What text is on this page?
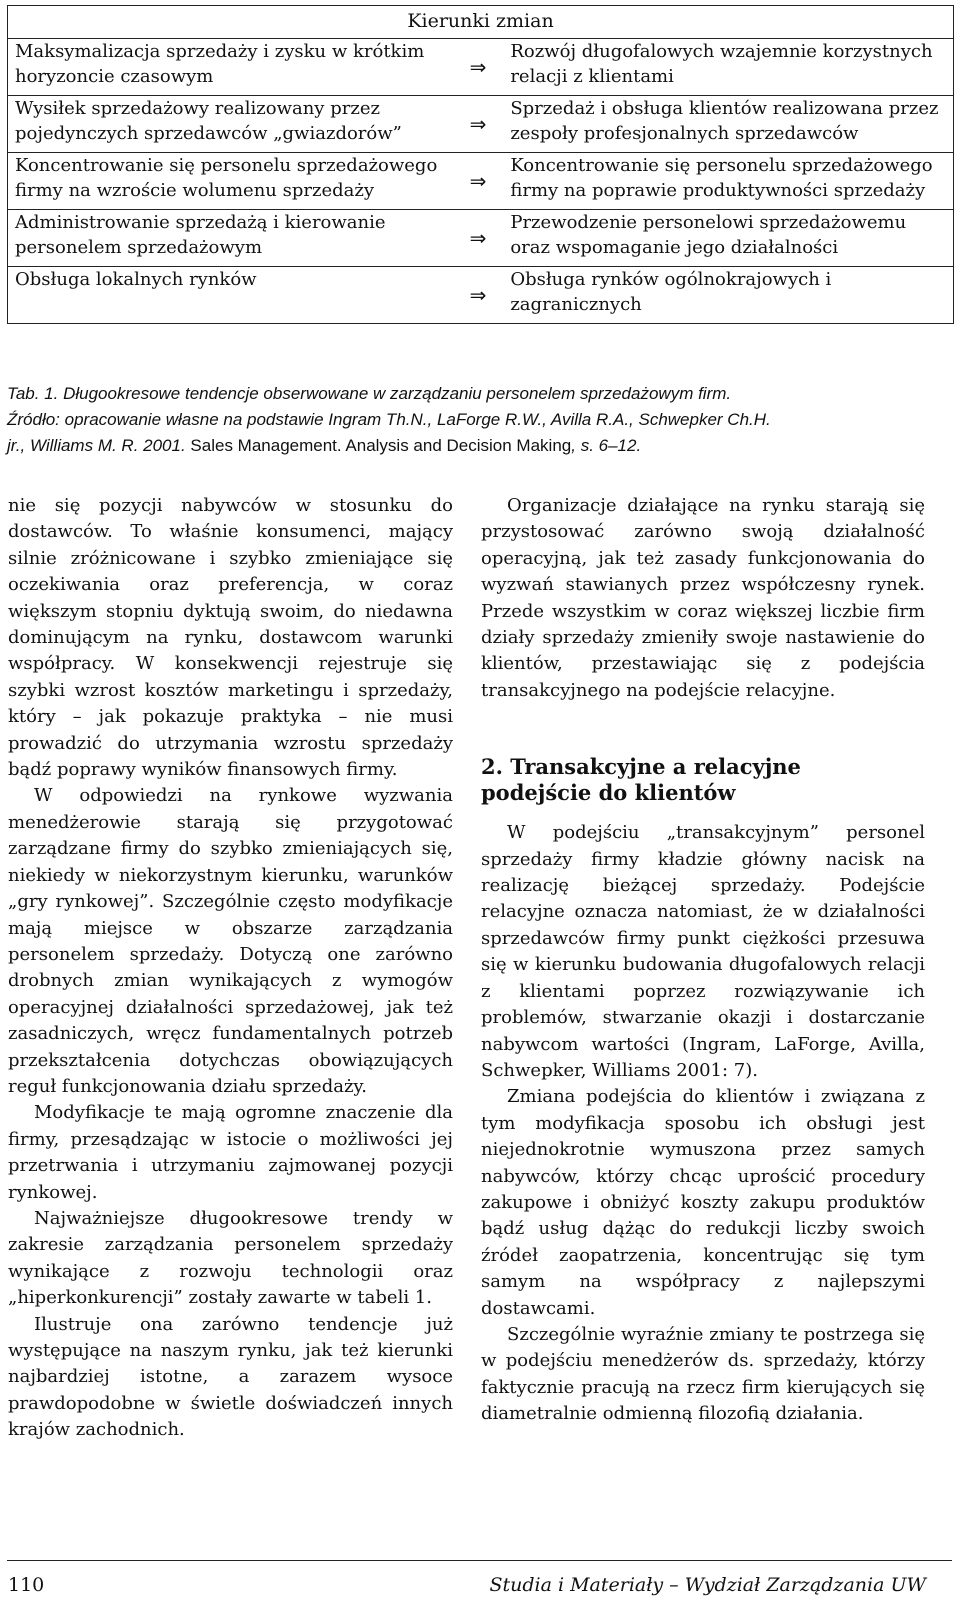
Kierunki zmian		
Maksymalizacja sprzedaży i zysku w krótkim horyzoncie czasowym	⇒	Rozwój długofalowych wzajemnie korzystnych relacji z klientami
Wysiłek sprzedażowy realizowany przez pojedynczych sprzedawców „gwiazdorów”	⇒	Sprzedaż i obsługa klientów realizowana przez zespoły profesjonalnych sprzedawców
Koncentrowanie się personelu sprzedażowego firmy na wzroście wolumenu sprzedaży	⇒	Koncentrowanie się personelu sprzedażowego firmy na poprawie produktywności sprzedaży
Administrowanie sprzedażą i kierowanie personelem sprzedażowym	⇒	Przewodzenie personelowi sprzedażowemu oraz wspomaganie jego działalności
Obsługa lokalnych rynków	⇒	Obsługa rynków ogólnokrajowych i zagranicznych
Tab. 1. Długookresowe tendencje obserwowane w zarządzaniu personelem sprzedażowym firm.
Źródło: opracowanie własne na podstawie Ingram Th.N., LaForge R.W., Avilla R.A., Schwepker Ch.H.
jr., Williams M. R. 2001. Sales Management. Analysis and Decision Making, s. 6–12.

nie się pozycji nabywców w stosunku do dostawców. To właśnie konsumenci, mający silnie zróżnicowane i szybko zmieniające się oczekiwania oraz preferencja, w coraz większym stopniu dyktują swoim, do niedawna dominującym na rynku, dostawcom warunki współpracy. W konsekwencji rejestruje się szybki wzrost kosztów marketingu i sprzedaży, który – jak pokazuje praktyka – nie musi prowadzić do utrzymania wzrostu sprzedaży bądź poprawy wyników finansowych firmy.

W odpowiedzi na rynkowe wyzwania menedżerowie starają się przygotować zarządzane firmy do szybko zmieniających się, niekiedy w niekorzystnym kierunku, warunków „gry rynkowej”. Szczególnie często modyfikacje mają miejsce w obszarze zarządzania personelem sprzedaży. Dotyczą one zarówno drobnych zmian wynikających z wymogów operacyjnej działalności sprzedażowej, jak też zasadniczych, wręcz fundamentalnych potrzeb przekształcenia dotychczas obowiązujących reguł funkcjonowania działu sprzedaży.

Modyfikacje te mają ogromne znaczenie dla firmy, przesądzając w istocie o możliwości jej przetrwania i utrzymaniu zajmowanej pozycji rynkowej.

Najważniejsze długookresowe trendy w zakresie zarządzania personelem sprzedaży wynikające z rozwoju technologii oraz „hiperkonkurencji” zostały zawarte w tabeli 1.

Ilustruje ona zarówno tendencje już występujące na naszym rynku, jak też kierunki najbardziej istotne, a zarazem wysoce prawdopodobne w świetle doświadczeń innych krajów zachodnich.

Organizacje działające na rynku starają się przystosować zarówno swoją działalność operacyjną, jak też zasady funkcjonowania do wyzwań stawianych przez współczesny rynek. Przede wszystkim w coraz większej liczbie firm działy sprzedaży zmieniły swoje nastawienie do klientów, przestawiając się z podejścia transakcyjnego na podejście relacyjne.

2. Transakcyjne a relacyjne
podejście do klientów

W podejściu „transakcyjnym” personel sprzedaży firmy kładzie główny nacisk na realizację bieżącej sprzedaży. Podejście relacyjne oznacza natomiast, że w działalności sprzedawców firmy punkt ciężkości przesuwa się w kierunku budowania długofalowych relacji z klientami poprzez rozwiązywanie ich problemów, stwarzanie okazji i dostarczanie nabywcom wartości (Ingram, LaForge, Avilla, Schwepker, Williams 2001: 7).

Zmiana podejścia do klientów i związana z tym modyfikacja sposobu ich obsługi jest niejednokrotnie wymuszona przez samych nabywców, którzy chcąc uprościć procedury zakupowe i obniżyć koszty zakupu produktów bądź usług dążąc do redukcji liczby swoich źródeł zaopatrzenia, koncentrując się tym samym na współpracy z najlepszymi dostawcami.

Szczególnie wyraźnie zmiany te postrzega się w podejściu menedżerów ds. sprzedaży, którzy faktycznie pracują na rzecz firm kierujących się diametralnie odmienną filozofią działania.

110	Studia i Materiały – Wydział Zarządzania UW
